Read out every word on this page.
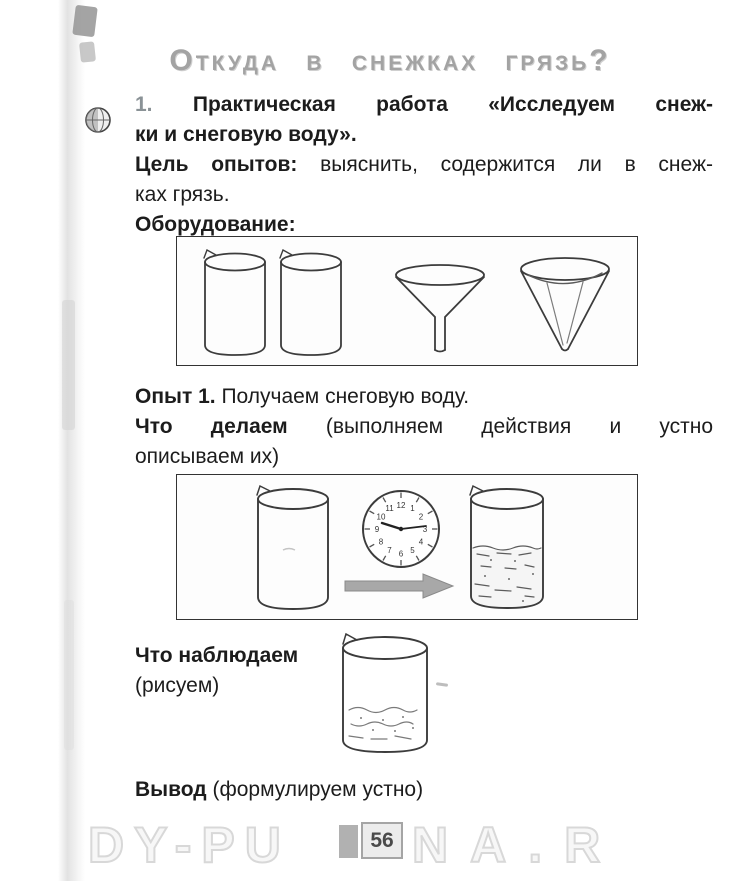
Откуда в снежках грязь?
1. Практическая работа «Исследуем снеж-
ки и снеговую воду».
Цель опытов: выяснить, содержится ли в снеж-
ках грязь.
Оборудование:
Опыт 1. Получаем снеговую воду.
Что делаем (выполняем действия и устно
описываем их)
12 1
2
3
4
5
6
7
8
9
10
11
Что наблюдаем
(рисуем)
Вывод (формулируем устно)
DY-PU NA.R
56
